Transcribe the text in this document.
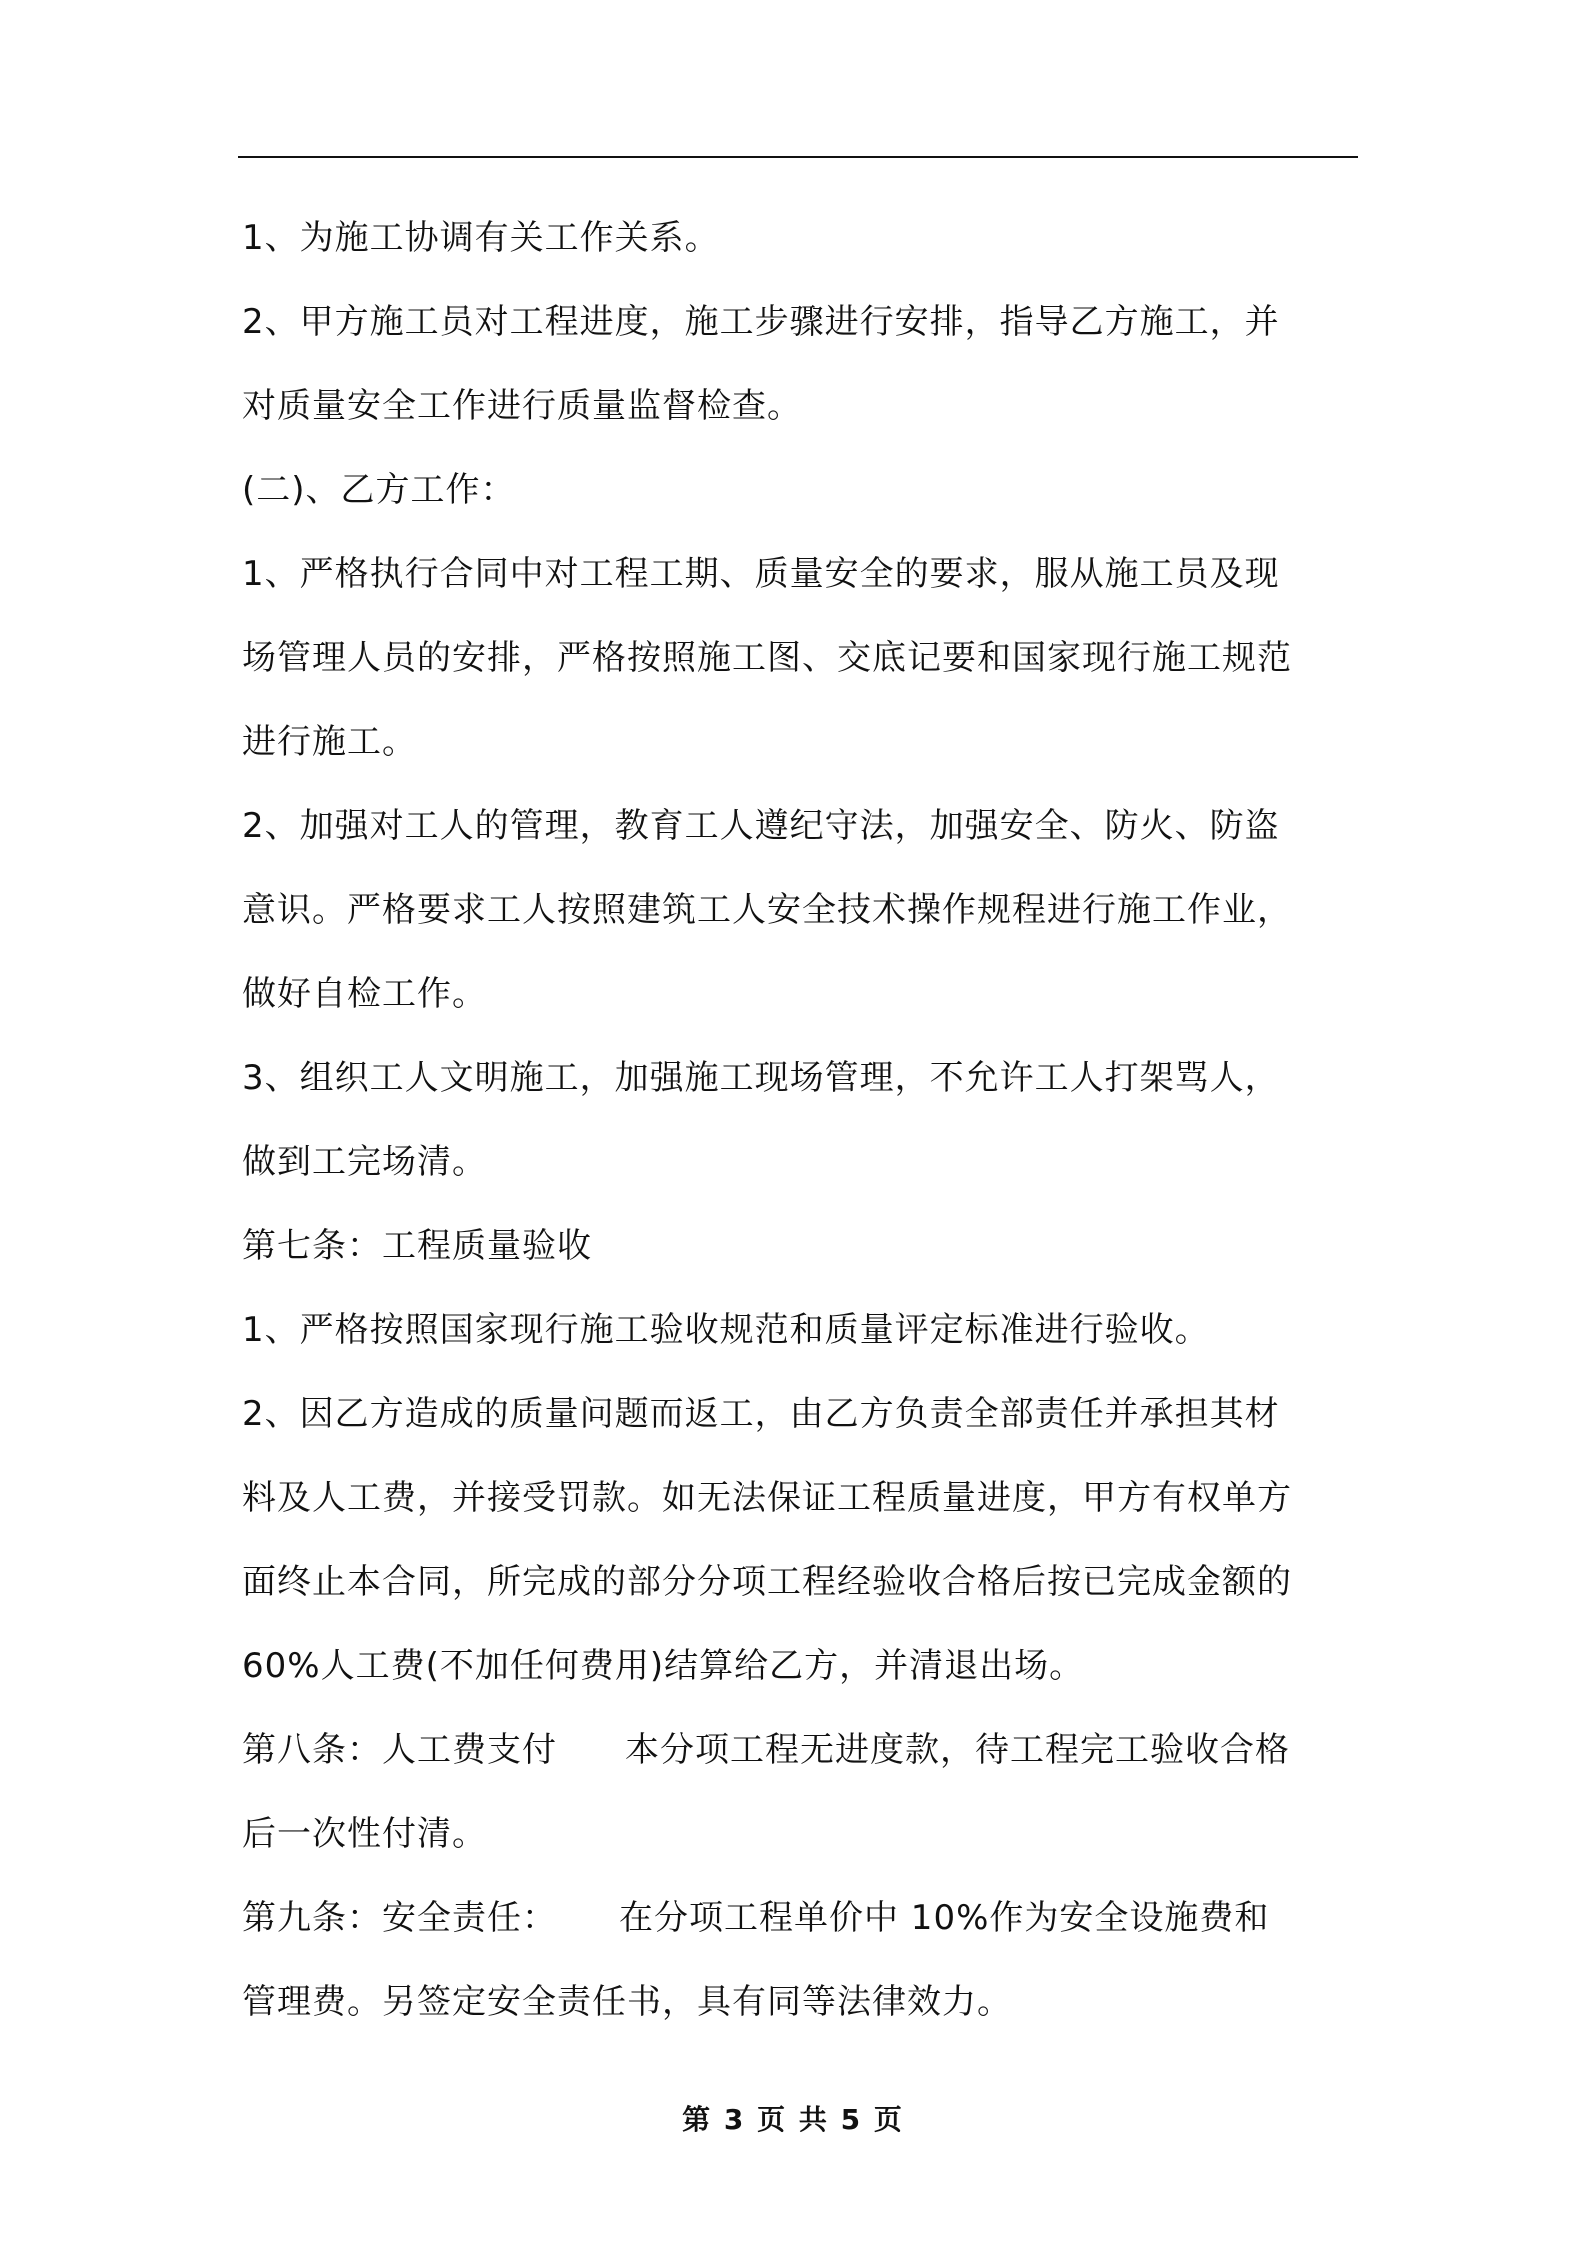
1、为施工协调有关工作关系。

2、甲方施工员对工程进度，施工步骤进行安排，指导乙方施工，并

对质量安全工作进行质量监督检查。

(二)、乙方工作：

1、严格执行合同中对工程工期、质量安全的要求，服从施工员及现

场管理人员的安排，严格按照施工图、交底记要和国家现行施工规范

进行施工。

2、加强对工人的管理，教育工人遵纪守法，加强安全、防火、防盗

意识。严格要求工人按照建筑工人安全技术操作规程进行施工作业，

做好自检工作。

3、组织工人文明施工，加强施工现场管理，不允许工人打架骂人，

做到工完场清。

第七条：工程质量验收

1、严格按照国家现行施工验收规范和质量评定标准进行验收。

2、因乙方造成的质量问题而返工，由乙方负责全部责任并承担其材

料及人工费，并接受罚款。如无法保证工程质量进度，甲方有权单方

面终止本合同，所完成的部分分项工程经验收合格后按已完成金额的

60%人工费(不加任何费用)结算给乙方，并清退出场。

第八条：人工费支付 本分项工程无进度款，待工程完工验收合格

后一次性付清。

第九条：安全责任： 在分项工程单价中 10%作为安全设施费和

管理费。另签定安全责任书，具有同等法律效力。

第 3 页 共 5 页
